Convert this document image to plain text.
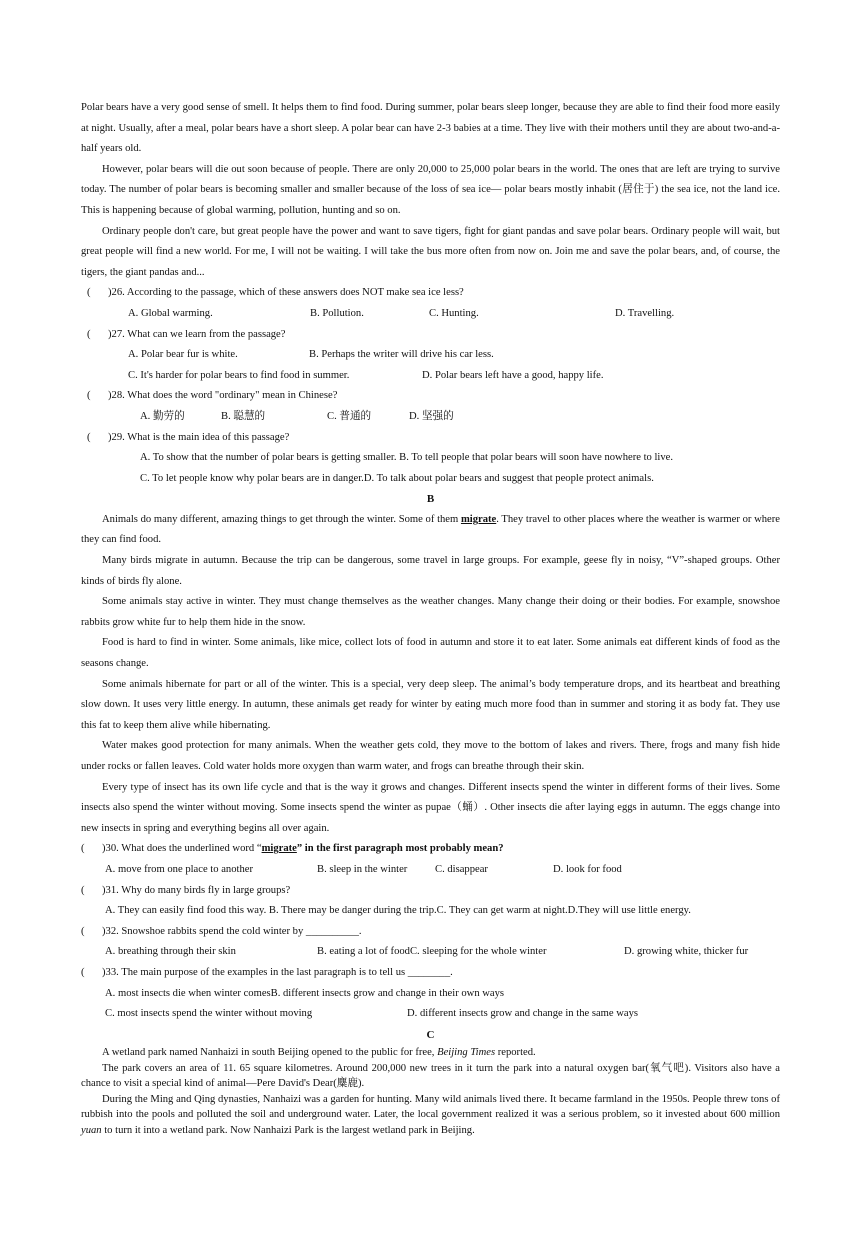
Polar bears have a very good sense of smell. It helps them to find food. During summer, polar bears sleep longer, because they are able to find their food more easily at night. Usually, after a meal, polar bears have a short sleep. A polar bear can have 2-3 babies at a time. They live with their mothers until they are about two-and-a-half years old.

However, polar bears will die out soon because of people. There are only 20,000 to 25,000 polar bears in the world. The ones that are left are trying to survive today. The number of polar bears is becoming smaller and smaller because of the loss of sea ice— polar bears mostly inhabit (居住于) the sea ice, not the land ice. This is happening because of global warming, pollution, hunting and so on.

Ordinary people don't care, but great people have the power and want to save tigers, fight for giant pandas and save polar bears. Ordinary people will wait, but great people will find a new world. For me, I will not be waiting. I will take the bus more often from now on. Join me and save the polar bears, and, of course, the tigers, the giant pandas and...

(	)26. According to the passage, which of these answers does NOT make sea ice less?
A. Global warming.	B. Pollution.	C. Hunting.	D. Travelling.
(	)27. What can we learn from the passage?
A. Polar bear fur is white.	B. Perhaps the writer will drive his car less.
C. It's harder for polar bears to find food in summer.	D. Polar bears left have a good, happy life.
(	)28. What does the word "ordinary" mean in Chinese?
A. 勤劳的	B. 聪慧的	C. 普通的	D. 坚强的
(	)29. What is the main idea of this passage?
A. To show that the number of polar bears is getting smaller. B. To tell people that polar bears will soon have nowhere to live.
C. To let people know why polar bears are in danger.D. To talk about polar bears and suggest that people protect animals.

B

Animals do many different, amazing things to get through the winter. Some of them migrate. They travel to other places where the weather is warmer or where they can find food.

Many birds migrate in autumn. Because the trip can be dangerous, some travel in large groups. For example, geese fly in noisy, “V”-shaped groups. Other kinds of birds fly alone.

Some animals stay active in winter. They must change themselves as the weather changes. Many change their doing or their bodies. For example, snowshoe rabbits grow white fur to help them hide in the snow.

Food is hard to find in winter. Some animals, like mice, collect lots of food in autumn and store it to eat later. Some animals eat different kinds of food as the seasons change.

Some animals hibernate for part or all of the winter. This is a special, very deep sleep. The animal’s body temperature drops, and its heartbeat and breathing slow down. It uses very little energy. In autumn, these animals get ready for winter by eating much more food than in summer and storing it as body fat. They use this fat to keep them alive while hibernating.

Water makes good protection for many animals. When the weather gets cold, they move to the bottom of lakes and rivers. There, frogs and many fish hide under rocks or fallen leaves. Cold water holds more oxygen than warm water, and frogs can breathe through their skin.

Every type of insect has its own life cycle and that is the way it grows and changes. Different insects spend the winter in different forms of their lives. Some insects also spend the winter without moving. Some insects spend the winter as pupae（蛹）. Other insects die after laying eggs in autumn. The eggs change into new insects in spring and everything begins all over again.

(	)30. What does the underlined word “migrate” in the first paragraph most probably mean?
A. move from one place to another	B. sleep in the winter	C. disappear	D. look for food
(	)31. Why do many birds fly in large groups?
A. They can easily find food this way. B. There may be danger during the trip.C. They can get warm at night.D.They will use little energy.
(	)32. Snowshoe rabbits spend the cold winter by __________.
A. breathing through their skin	B. eating a lot of foodC. sleeping for the whole winter	D. growing white, thicker fur
(	)33. The main purpose of the examples in the last paragraph is to tell us ________.
A. most insects die when winter comesB. different insects grow and change in their own ways
C. most insects spend the winter without moving	D. different insects grow and change in the same ways

C

A wetland park named Nanhaizi in south Beijing opened to the public for free, Beijing Times reported.

The park covers an area of 11. 65 square kilometres. Around 200,000 new trees in it turn the park into a natural oxygen bar(氧气吧). Visitors also have a chance to visit a special kind of animal—Pere David's Dear(麋鹿).

During the Ming and Qing dynasties, Nanhaizi was a garden for hunting. Many wild animals lived there. It became farmland in the 1950s. People threw tons of rubbish into the pools and polluted the soil and underground water. Later, the local government realized it was a serious problem, so it invested about 600 million yuan to turn it into a wetland park. Now Nanhaizi Park is the largest wetland park in Beijing.
